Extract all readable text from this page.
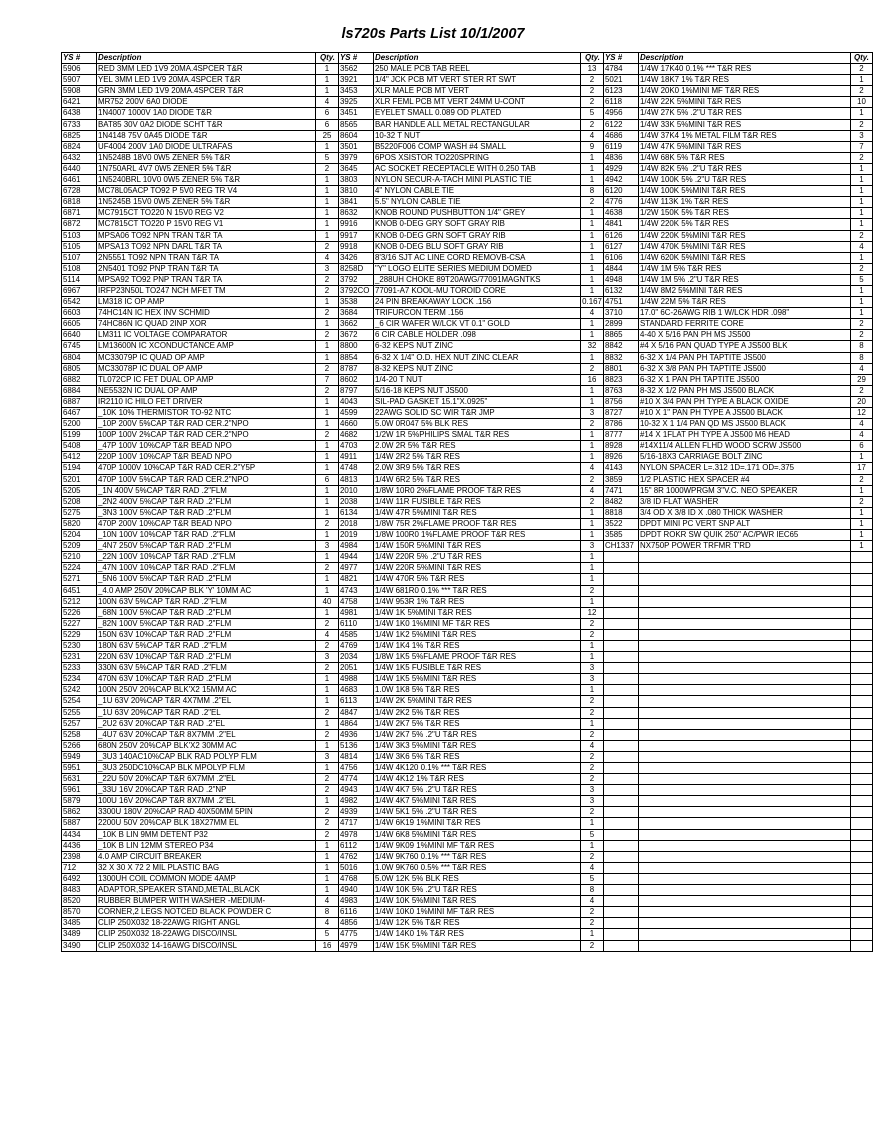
ls720s Parts List 10/1/2007
YS #	Description	Qty.	YS #	Description	Qty.	YS #	Description	Qty.
5906	RED 3MM LED 1V9 20MA.4SPCER T&R	1	3562	250 MALE PCB TAB REEL	13	4784	1/4W 17K40 0.1% *** T&R RES	2
5907	YEL 3MM LED 1V9 20MA.4SPCER T&R	1	3921	1/4" JCK PCB MT VERT STER RT SWT	2	5021	1/4W 18K7 1% T&R RES	1
5908	GRN 3MM LED 1V9 20MA.4SPCER T&R	1	3453	XLR MALE PCB MT VERT	2	6123	1/4W 20K0 1%MINI MF T&R RES	2
6421	MR752 200V 6A0 DIODE	4	3925	XLR FEML PCB MT VERT 24MM U-CONT	2	6118	1/4W 22K 5%MINI T&R RES	10
6438	1N4007 1000V 1A0 DIODE T&R	6	3451	EYELET SMALL 0.089 OD PLATED	5	4956	1/4W 27K 5% .2"U T&R RES	1
6733	BAT85 30V 0A2 DIODE SCHT T&R	6	8565	BAR HANDLE ALL METAL RECTANGULAR	2	6122	1/4W 33K 5%MINI T&R RES	2
6825	1N4148 75V 0A45 DIODE T&R	25	8604	10-32 T NUT	4	4686	1/4W 37K4 1% METAL FILM T&R RES	3
6824	UF4004 200V 1A0 DIODE ULTRAFAS	1	3501	B5220F006 COMP WASH #4 SMALL	9	6119	1/4W 47K 5%MINI T&R RES	7
6432	1N5248B 18V0 0W5 ZENER 5% T&R	5	3979	6POS XSISTOR TO220SPRING	1	4836	1/4W 68K 5% T&R RES	2
6440	1N750ARL 4V7 0W5 ZENER 5% T&R	2	3645	AC SOCKET RECEPTACLE WITH 0.250 TAB	1	4929	1/4W 82K 5% .2"U T&R RES	1
6461	1N5240BRL 10V0 0W5 ZENER 5% T&R	1	3803	NYLON SECUR-A-TACH MINI PLASTIC TIE	1	4942	1/4W 100K 5% .2"U T&R RES	1
6728	MC78L05ACP TO92 P 5V0 REG TR V4	1	3810	4" NYLON CABLE TIE	8	6120	1/4W 100K 5%MINI T&R RES	1
6818	1N5245B 15V0 0W5 ZENER 5% T&R	1	3841	5.5" NYLON CABLE TIE	2	4776	1/4W 113K 1% T&R RES	1
6871	MC7915CT TO220 N 15V0 REG V2	1	8632	KNOB ROUND PUSHBUTTON 1/4" GREY	1	4638	1/2W 150K 5% T&R RES	1
6872	MC7815CT TO220 P 15V0 REG V1	1	9916	KNOB 0-DEG GRY SOFT GRAY RIB	1	4841	1/4W 220K 5% T&R RES	1
5103	MPSA06 TO92 NPN TRAN T&R TA	1	9917	KNOB 0-DEG GRN SOFT GRAY RIB	1	6126	1/4W 220K 5%MINI T&R RES	2
5105	MPSA13 TO92 NPN DARL T&R TA	2	9918	KNOB 0-DEG BLU SOFT GRAY RIB	1	6127	1/4W 470K 5%MINI T&R RES	4
5107	2N5551 TO92 NPN TRAN T&R TA	4	3426	8'3/16 SJT AC LINE CORD REMOVB-CSA	1	6106	1/4W 620K 5%MINI T&R RES	1
5108	2N5401 TO92 PNP TRAN T&R TA	3	8258D	"Y" LOGO ELITE SERIES MEDIUM DOMED	1	4844	1/4W 1M 5% T&R RES	2
5114	MPSA92 TO92 PNP TRAN T&R TA	2	3792	_288UH CHOKE 89T20AWG/77091MAGNTKS	1	4948	1/4W 1M 5% .2"U T&R RES	5
6967	IRFP23N50L TO247 NCH MFET TM	2	3792CO	77091-A7 KOOL-MU TOROID CORE	1	6132	1/4W 8M2 5%MINI T&R RES	1
6542	LM318 IC OP AMP	1	3538	24 PIN BREAKAWAY LOCK .156	0.167	4751	1/4W 22M 5% T&R RES	1
6603	74HC14N IC HEX INV SCHMID	2	3684	TRIFURCON TERM .156	4	3710	17.0" 6C-26AWG RIB 1 W/LCK HDR .098"	1
6605	74HC86N IC QUAD 2INP XOR	1	3662	_6 CIR WAFER W/LCK VT 0.1" GOLD	1	2899	STANDARD FERRITE CORE	2
6640	LM311 IC VOLTAGE COMPARATOR	2	3672	6 CIR CABLE HOLDER .098	1	8865	4-40 X 5/16 PAN PH MS JS500	2
6745	LM13600N IC XCONDUCTANCE AMP	1	8800	6-32 KEPS NUT ZINC	32	8842	#4 X 5/16 PAN QUAD TYPE A JS500 BLK	8
6804	MC33079P IC QUAD OP AMP	1	8854	6-32 X 1/4" O.D. HEX NUT ZINC CLEAR	1	8832	6-32 X 1/4 PAN PH TAPTITE JS500	8
6805	MC33078P IC DUAL OP AMP	2	8787	8-32 KEPS NUT ZINC	2	8801	6-32 X 3/8 PAN PH TAPTITE JS500	4
6882	TL072CP IC FET DUAL OP AMP	7	8602	1/4-20 T NUT	16	8823	6-32 X 1 PAN PH TAPTITE JS500	29
6884	NE5532N IC DUAL OP AMP	2	8797	5/16-18 KEPS NUT JS500	1	8763	8-32 X 1/2 PAN PH MS JS500 BLACK	2
6887	IR2110 IC HILO FET DRIVER	1	4043	SIL-PAD GASKET 15.1"X.0925"	1	8756	#10 X 3/4 PAN PH TYPE A BLACK OXIDE	20
6467	_10K 10% THERMISTOR TO-92 NTC	1	4599	22AWG SOLID SC WIR T&R JMP	3	8727	#10 X 1" PAN PH TYPE A JS500 BLACK	12
5200	_10P 200V 5%CAP T&R RAD CER.2"NPO	1	4660	5.0W 0R047 5% BLK RES	2	8786	10-32 X 1 1/4 PAN QD MS JS500 BLACK	4
5199	100P 100V 2%CAP T&R RAD CER.2"NPO	2	4682	1/2W 1R 5%PHILIPS SMAL T&R RES	1	8777	#14 X 1FLAT PH TYPE A JS500 M6 HEAD	4
5408	_47P 100V 10%CAP T&R BEAD NPO	1	4703	2.0W 2R 5% T&R RES	1	8928	#14X11/4 ALLEN FLHD WOOD SCRW JS500	6
5412	220P 100V 10%CAP T&R BEAD NPO	1	4911	1/4W 2R2 5% T&R RES	1	8926	5/16-18X3 CARRIAGE BOLT ZINC	1
5194	470P 1000V 10%CAP T&R RAD CER.2"Y5P	1	4748	2.0W 3R9 5% T&R RES	4	4143	NYLON SPACER L=.312 1D=.171 OD=.375	17
5201	470P 100V 5%CAP T&R RAD CER.2"NPO	6	4813	1/4W 6R2 5% T&R RES	2	3859	1/2 PLASTIC HEX SPACER #4	2
5205	_1N 400V 5%CAP T&R RAD .2"FLM	1	2010	1/8W 10R0 2%FLAME PROOF T&R RES	4	7471	15" 8R 1000WPRGM 3"V.C. NEO SPEAKER	1
5208	_2N2 400V 5%CAP T&R RAD .2"FLM	1	2038	1/4W 11R FUSIBLE T&R RES	2	8482	3/8 ID FLAT WASHER	2
5275	_3N3 100V 5%CAP T&R RAD .2"FLM	1	6134	1/4W 47R 5%MINI T&R RES	1	8818	3/4 OD X 3/8 ID X .080 THICK WASHER	1
5820	470P 200V 10%CAP T&R BEAD NPO	2	2018	1/8W 75R 2%FLAME PROOF T&R RES	1	3522	DPDT MINI PC VERT SNP ALT	1
5204	_10N 100V 10%CAP T&R RAD .2"FLM	1	2019	1/8W 100R0 1%FLAME PROOF T&R RES	1	3585	DPDT ROKR SW QUIK 250" AC/PWR IEC65	1
5209	_4N7 250V 5%CAP T&R RAD .2"FLM	3	4984	1/4W 150R 5%MINI T&R RES	3	CH1337	NX750P POWER TRFMR T'RD	1
5210	_22N 100V 10%CAP T&R RAD .2"FLM	1	4944	1/4W 220R 5% .2"U T&R RES	1			
5224	_47N 100V 10%CAP T&R RAD .2"FLM	2	4977	1/4W 220R 5%MINI T&R RES	1			
5271	_5N6 100V 5%CAP T&R RAD .2"FLM	1	4821	1/4W 470R 5% T&R RES	1			
6451	_4.0 AMP 250V 20%CAP BLK 'Y' 10MM AC	1	4743	1/4W 681R0 0.1% *** T&R RES	2			
5212	100N 63V 5%CAP T&R RAD .2"FLM	40	4758	1/4W 953R 1% T&R RES	1			
5226	_68N 100V 5%CAP T&R RAD .2"FLM	1	4981	1/4W 1K 5%MINI T&R RES	12			
5227	_82N 100V 5%CAP T&R RAD .2"FLM	2	6110	1/4W 1K0 1%MINI MF T&R RES	2			
5229	150N 63V 10%CAP T&R RAD .2"FLM	4	4585	1/4W 1K2 5%MINI T&R RES	2			
5230	180N 63V 5%CAP T&R RAD .2"FLM	2	4769	1/4W 1K4 1% T&R RES	1			
5231	220N 63V 10%CAP T&R RAD .2"FLM	3	2034	1/8W 1K5 5%FLAME PROOF T&R RES	1			
5233	330N 63V 5%CAP T&R RAD .2"FLM	2	2051	1/4W 1K5 FUSIBLE T&R RES	3			
5234	470N 63V 10%CAP T&R RAD .2"FLM	1	4988	1/4W 1K5 5%MINI T&R RES	3			
5242	100N 250V 20%CAP BLK'X2 15MM AC	1	4683	1.0W 1K8 5% T&R RES	1			
5254	_1U 63V 20%CAP T&R 4X7MM .2"EL	1	6113	1/4W 2K 5%MINI T&R RES	2			
5255	_1U 63V 20%CAP T&R RAD .2"EL	2	4847	1/4W 2K2 5% T&R RES	2			
5257	_2U2 63V 20%CAP T&R RAD .2"EL	1	4864	1/4W 2K7 5% T&R RES	1			
5258	_4U7 63V 20%CAP T&R 8X7MM .2"EL	2	4936	1/4W 2K7 5% .2"U T&R RES	2			
5266	680N 250V 20%CAP BLK'X2 30MM AC	1	5136	1/4W 3K3 5%MINI T&R RES	4			
5949	_3U3 140AC10%CAP BLK RAD POLYP FLM	3	4814	1/4W 3K6 5% T&R RES	2			
5951	_3U3 250DC10%CAP BLK MPOLYP FLM	1	4756	1/4W 4K120 0.1% *** T&R RES	2			
5631	_22U 50V 20%CAP T&R 6X7MM .2"EL	2	4774	1/4W 4K12 1% T&R RES	2			
5961	_33U 16V 20%CAP T&R RAD .2"NP	2	4943	1/4W 4K7 5% .2"U T&R RES	3			
5879	100U 16V 20%CAP T&R 8X7MM .2"EL	1	4982	1/4W 4K7 5%MINI T&R RES	3			
5862	3300U 180V 20%CAP RAD 40X50MM 5PIN	2	4939	1/4W 5K1 5% .2"U T&R RES	2			
5887	2200U 50V 20%CAP BLK 18X27MM EL	2	4717	1/4W 6K19 1%MINI T&R RES	1			
4434	_10K B LIN 9MM DETENT P32	2	4978	1/4W 6K8 5%MINI T&R RES	5			
4436	_10K B LIN 12MM STEREO P34	1	6112	1/4W 9K09 1%MINI MF T&R RES	1			
2398	4.0 AMP CIRCUIT BREAKER	1	4762	1/4W 9K760 0.1% *** T&R RES	2			
712	32 X 30 X 72 2 MIL PLASTIC BAG	1	5016	1.0W 9K760 0.5% *** T&R RES	4			
6492	1300UH COIL COMMON MODE 4AMP	1	4768	5.0W 12K 5% BLK RES	5			
8483	ADAPTOR,SPEAKER STAND,METAL,BLACK	1	4940	1/4W 10K 5% .2"U T&R RES	8			
8520	RUBBER BUMPER WITH WASHER -MEDIUM-	4	4983	1/4W 10K 5%MINI T&R RES	4			
8570	CORNER,2 LEGS NOTCED BLACK POWDER C	8	6116	1/4W 10K0 1%MINI MF T&R RES	2			
3485	CLIP 250X032 18-22AWG RIGHT ANGL	4	4856	1/4W 12K 5% T&R RES	2			
3489	CLIP 250X032 18-22AWG DISCO/INSL	5	4775	1/4W 14K0 1% T&R RES	1			
3490	CLIP 250X032 14-16AWG DISCO/INSL	16	4979	1/4W 15K 5%MINI T&R RES	2			
